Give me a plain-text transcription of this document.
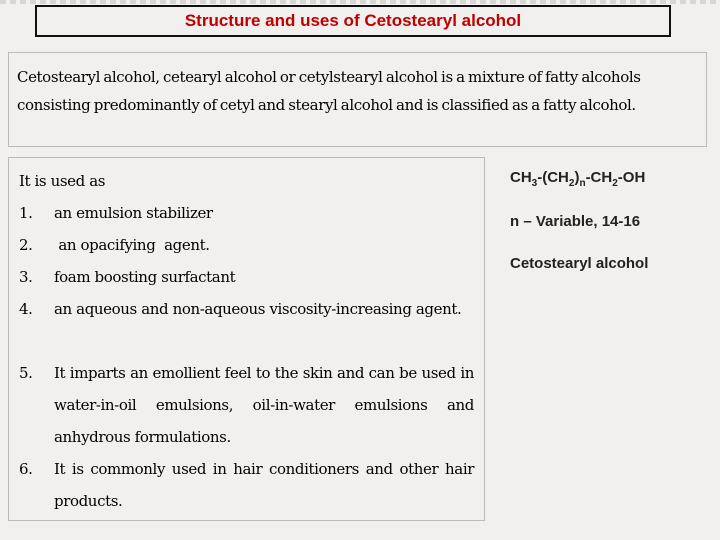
Structure and uses of Cetostearyl alcohol

Cetostearyl alcohol, cetearyl alcohol or cetylstearyl alcohol is a mixture of fatty alcohols consisting predominantly of cetyl and stearyl alcohol and is classified as a fatty alcohol.

It is used as
1. an emulsion stabilizer
2. an opacifying  agent.
3. foam boosting surfactant
4. an aqueous and non-aqueous viscosity-increasing agent.
5. It imparts an emollient feel to the skin and can be used in water-in-oil emulsions, oil-in-water emulsions and anhydrous formulations.
6. It is commonly used in hair conditioners and other hair products.
$CH_3-(CH_2)_n-CH_2-OH$
n – Variable, 14-16
Cetostearyl alcohol
